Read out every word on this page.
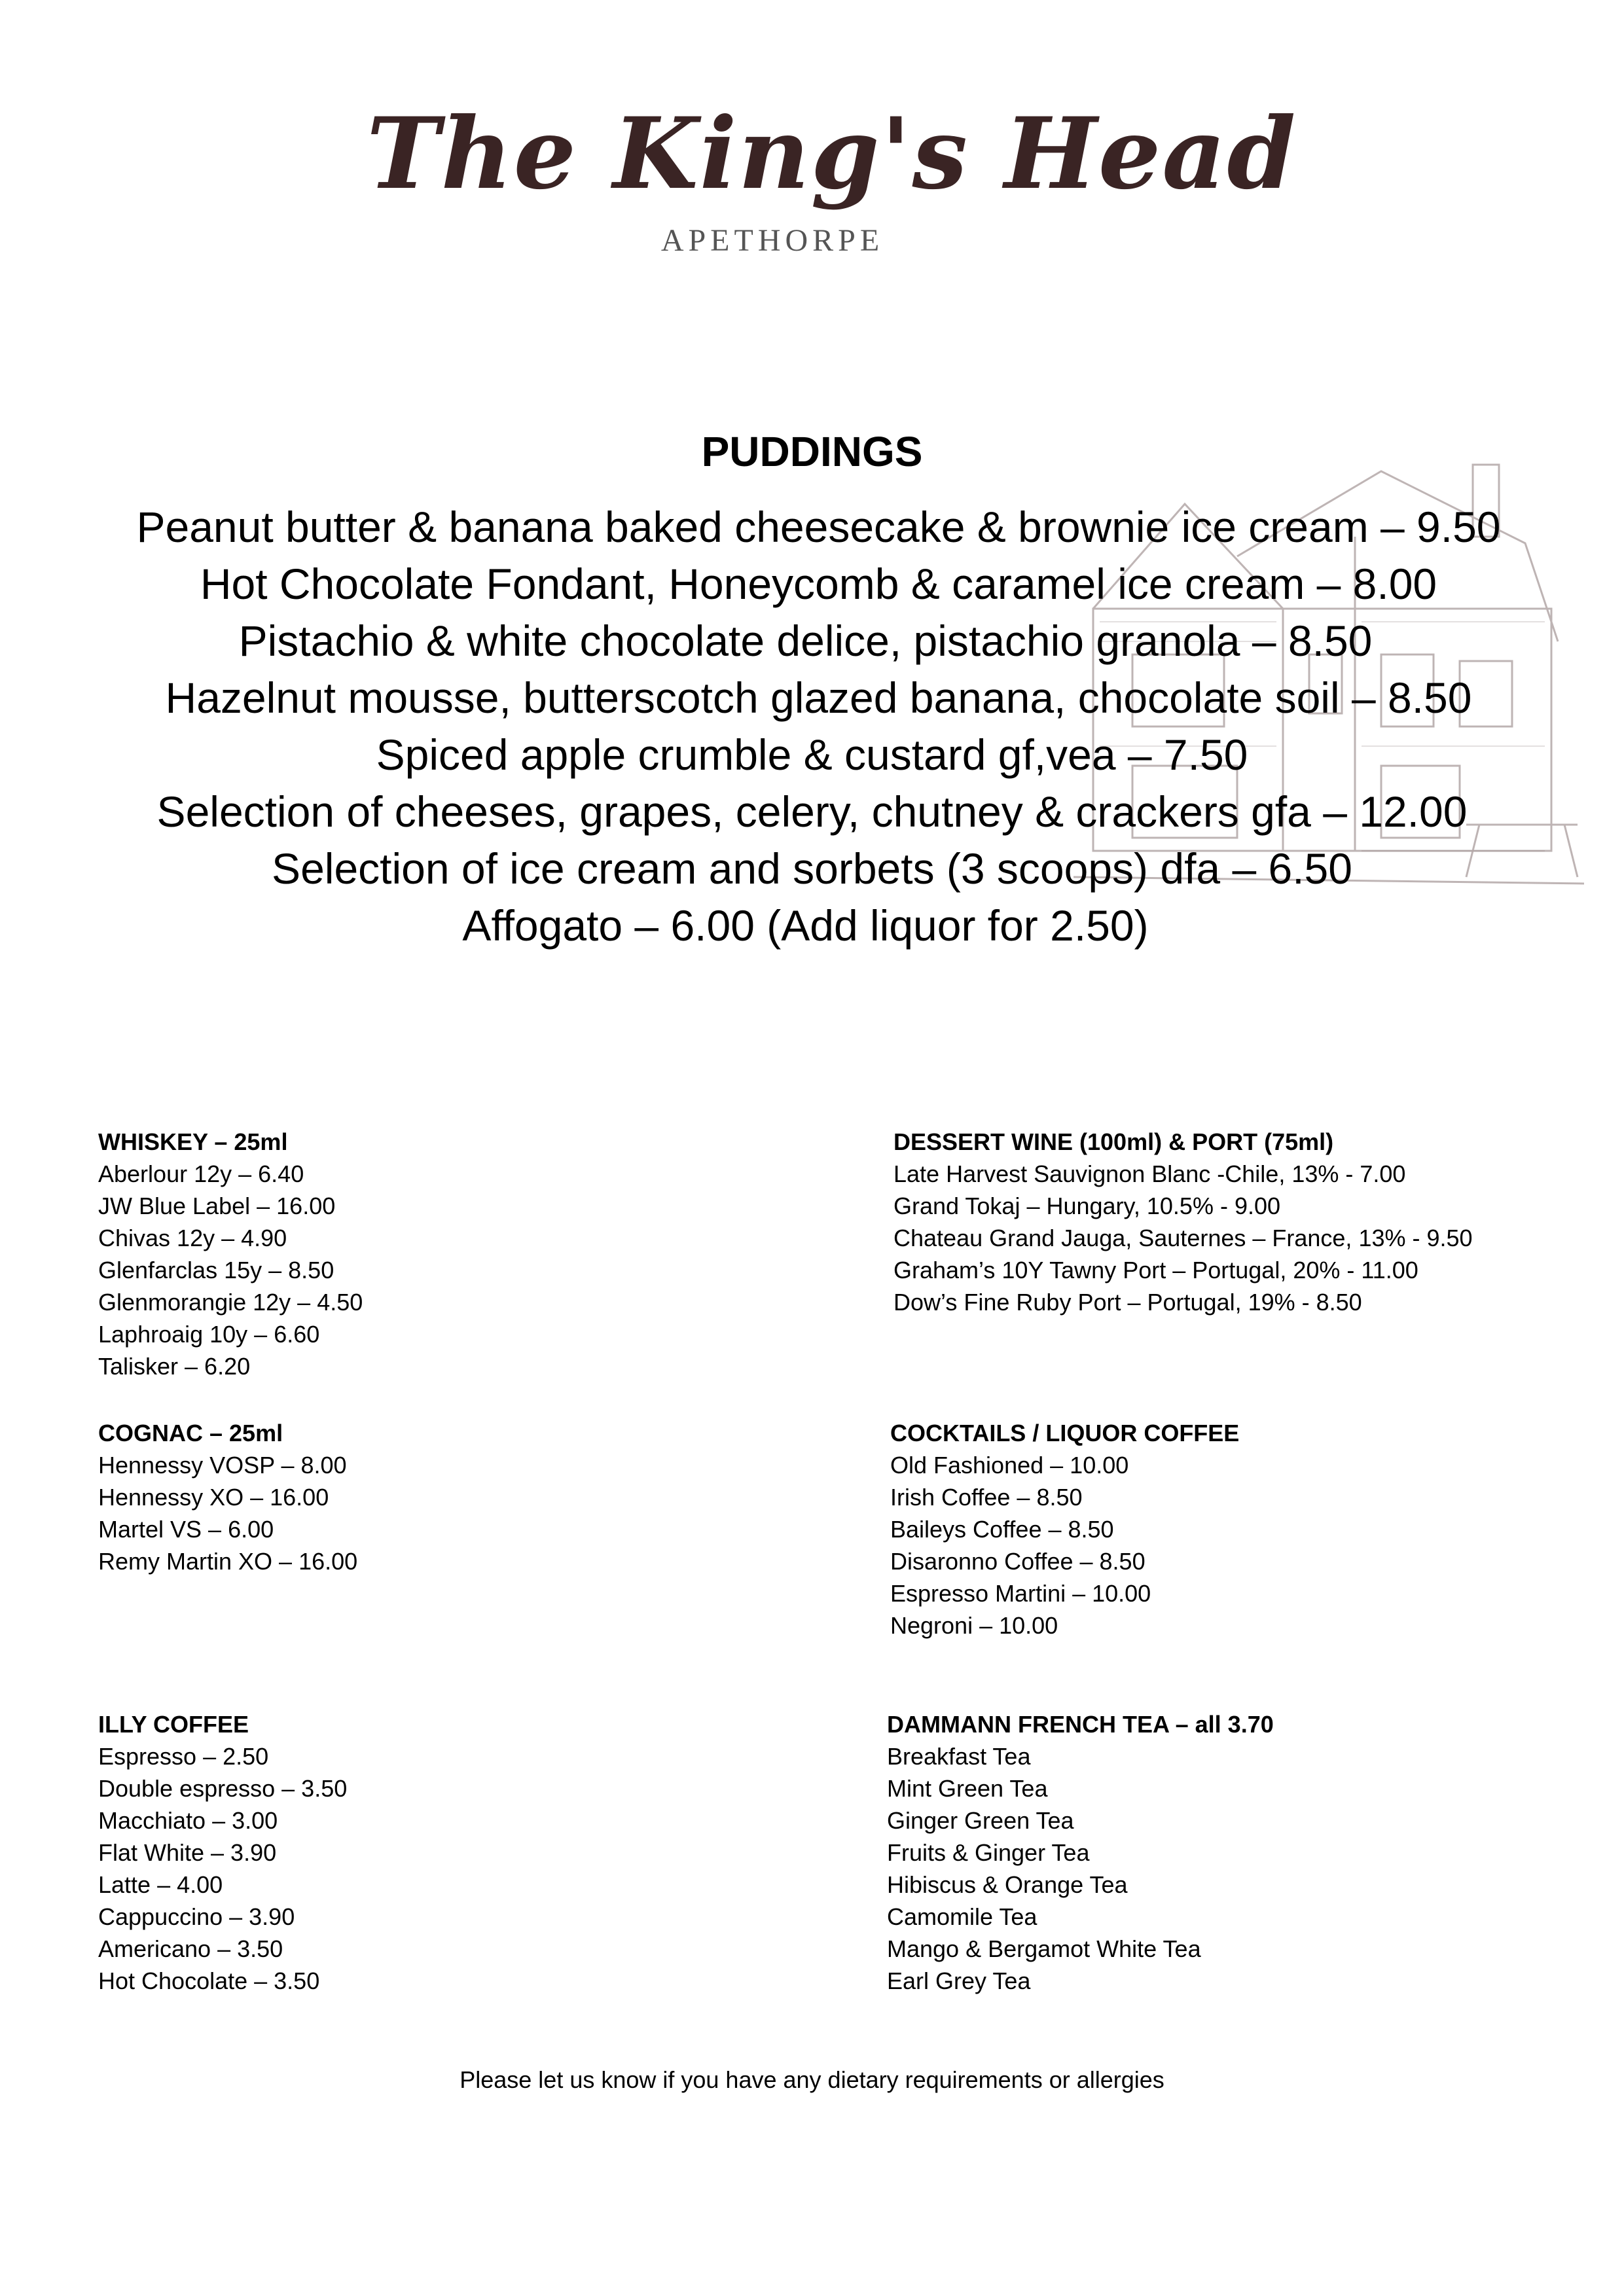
The King's Head
APETHORPE
PUDDINGS
Peanut butter & banana baked cheesecake & brownie ice cream – 9.50
Hot Chocolate Fondant, Honeycomb & caramel ice cream – 8.00
Pistachio & white chocolate delice, pistachio granola – 8.50
Hazelnut mousse, butterscotch glazed banana, chocolate soil – 8.50
Spiced apple crumble & custard gf,vea – 7.50
Selection of cheeses, grapes, celery, chutney & crackers gfa – 12.00
Selection of ice cream and sorbets (3 scoops) dfa – 6.50
Affogato – 6.00 (Add liquor for 2.50)
WHISKEY – 25ml
Aberlour 12y – 6.40
JW Blue Label – 16.00
Chivas 12y – 4.90
Glenfarclas 15y – 8.50
Glenmorangie 12y – 4.50
Laphroaig 10y – 6.60
Talisker – 6.20
DESSERT WINE (100ml) & PORT (75ml)
Late Harvest Sauvignon Blanc -Chile, 13% - 7.00
Grand Tokaj – Hungary, 10.5% - 9.00
Chateau Grand Jauga, Sauternes – France, 13% - 9.50
Graham’s 10Y Tawny Port – Portugal, 20% - 11.00
Dow’s Fine Ruby Port – Portugal, 19% - 8.50
COGNAC – 25ml
Hennessy VOSP – 8.00
Hennessy XO – 16.00
Martel VS – 6.00
Remy Martin XO – 16.00
COCKTAILS / LIQUOR COFFEE
Old Fashioned – 10.00
Irish Coffee – 8.50
Baileys Coffee – 8.50
Disaronno Coffee – 8.50
Espresso Martini – 10.00
Negroni – 10.00
ILLY COFFEE
Espresso – 2.50
Double espresso – 3.50
Macchiato – 3.00
Flat White – 3.90
Latte – 4.00
Cappuccino – 3.90
Americano – 3.50
Hot Chocolate – 3.50
DAMMANN FRENCH TEA – all 3.70
Breakfast Tea
Mint Green Tea
Ginger Green Tea
Fruits & Ginger Tea
Hibiscus & Orange Tea
Camomile Tea
Mango & Bergamot White Tea
Earl Grey Tea
Please let us know if you have any dietary requirements or allergies
